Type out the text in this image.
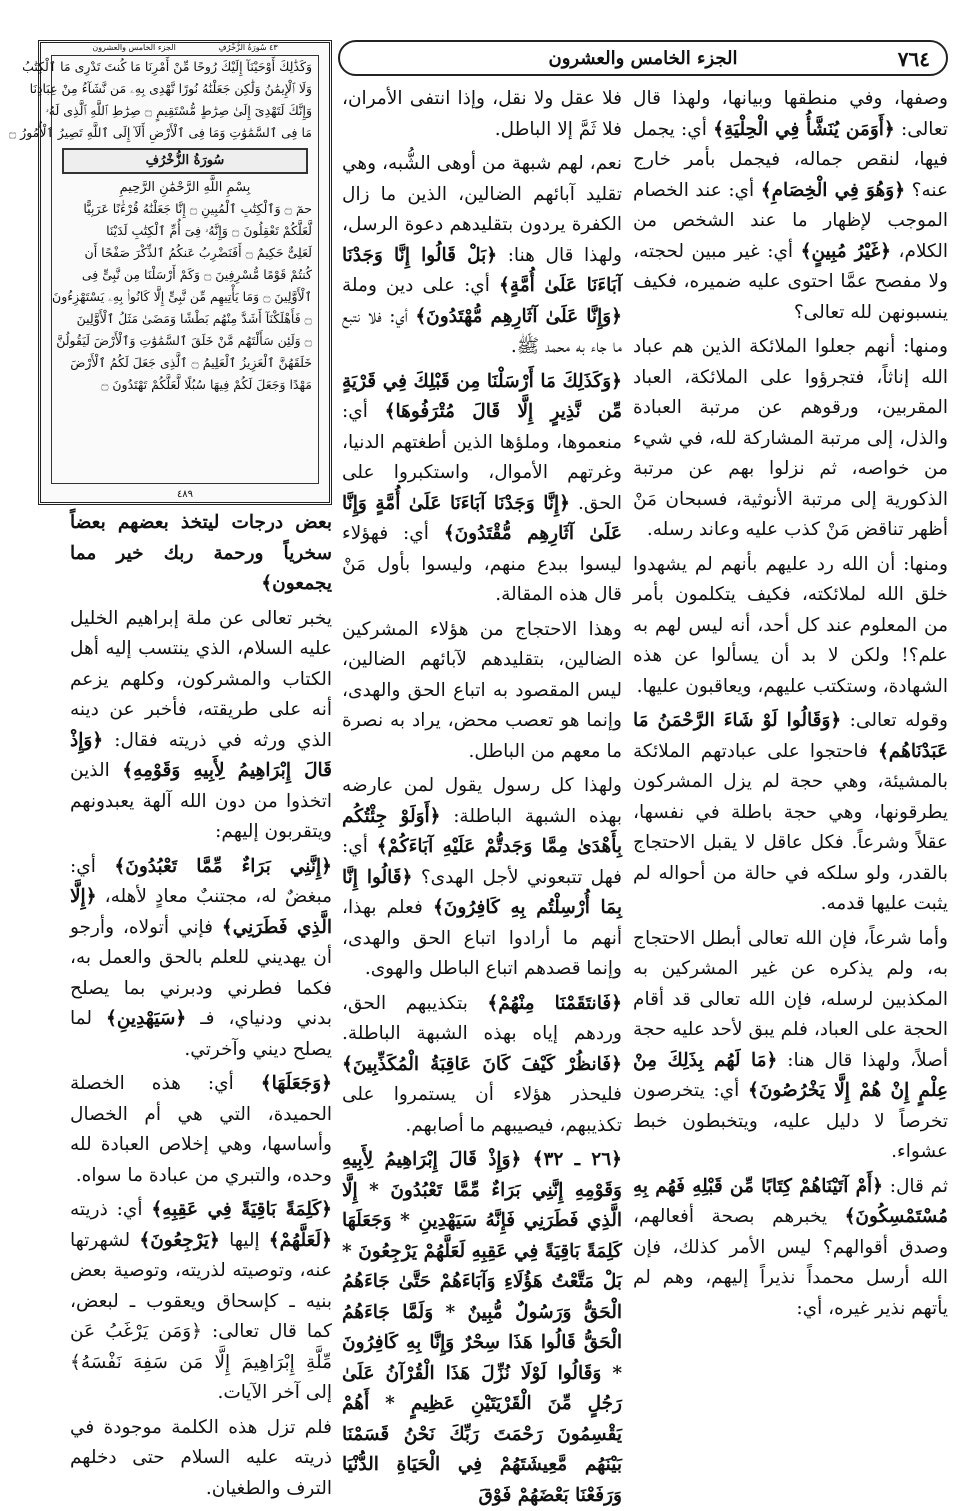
٧٦٤
الجزء الخامس والعشرون
٤٣ سُورَةُ الزُّخْرُفِ الجزء الخامس والعشرون
وَكَذَٰلِكَ أَوْحَيْنَآ إِلَيْكَ رُوحًا مِّنْ أَمْرِنَا مَا كُنتَ تَدْرِى مَا ٱلْكِتَٰبُ
وَلَا ٱلْإِيمَٰنُ وَلَٰكِن جَعَلْنَٰهُ نُورًا نَّهْدِى بِهِۦ مَن نَّشَآءُ مِنْ عِبَادِنَا
وَإِنَّكَ لَتَهْدِىٓ إِلَىٰ صِرَٰطٍ مُّسْتَقِيمٍ ۝ صِرَٰطِ ٱللَّهِ ٱلَّذِى لَهُۥ
مَا فِى ٱلسَّمَٰوَٰتِ وَمَا فِى ٱلْأَرْضِ أَلَآ إِلَى ٱللَّهِ تَصِيرُ ٱلْأُمُورُ ۝
سُورَةُ الزُّخْرُفِ
بِسْمِ اللَّهِ الرَّحْمَٰنِ الرَّحِيمِ
حمٓ ۝ وَٱلْكِتَٰبِ ٱلْمُبِينِ ۝ إِنَّا جَعَلْنَٰهُ قُرْءَٰنًا عَرَبِيًّا
لَّعَلَّكُمْ تَعْقِلُونَ ۝ وَإِنَّهُۥ فِىٓ أُمِّ ٱلْكِتَٰبِ لَدَيْنَا
لَعَلِىٌّ حَكِيمٌ ۝ أَفَنَضْرِبُ عَنكُمُ ٱلذِّكْرَ صَفْحًا أَن
كُنتُمْ قَوْمًا مُّسْرِفِينَ ۝ وَكَمْ أَرْسَلْنَا مِن نَّبِىٍّ فِى
ٱلْأَوَّلِينَ ۝ وَمَا يَأْتِيهِم مِّن نَّبِىٍّ إِلَّا كَانُوا۟ بِهِۦ يَسْتَهْزِءُونَ
۝ فَأَهْلَكْنَآ أَشَدَّ مِنْهُم بَطْشًا وَمَضَىٰ مَثَلُ ٱلْأَوَّلِينَ
۝ وَلَئِن سَأَلْتَهُم مَّنْ خَلَقَ ٱلسَّمَٰوَٰتِ وَٱلْأَرْضَ لَيَقُولُنَّ
خَلَقَهُنَّ ٱلْعَزِيزُ ٱلْعَلِيمُ ۝ ٱلَّذِى جَعَلَ لَكُمُ ٱلْأَرْضَ
مَهْدًا وَجَعَلَ لَكُمْ فِيهَا سُبُلًا لَّعَلَّكُمْ تَهْتَدُونَ ۝
٤٨٩

وصفها، وفي منطقها وبيانها، ولهذا قال تعالى: ﴿أَوَمَن يُنَشَّأُ فِي الْحِلْيَةِ﴾ أي: يجمل فيها، لنقص جماله، فيجمل بأمر خارج عنه؟ ﴿وَهُوَ فِي الْخِصَامِ﴾ أي: عند الخصام الموجب لإظهار ما عند الشخص من الكلام، ﴿غَيْرُ مُبِينٍ﴾ أي: غير مبين لحجته، ولا مفصح عمَّا احتوى عليه ضميره، فكيف ينسبونهن لله تعالى؟

ومنها: أنهم جعلوا الملائكة الذين هم عباد الله إناثاً، فتجرؤوا على الملائكة، العباد المقربين، ورقوهم عن مرتبة العبادة والذل، إلى مرتبة المشاركة لله، في شيء من خواصه، ثم نزلوا بهم عن مرتبة الذكورية إلى مرتبة الأنوثية، فسبحان مَنْ أظهر تناقض مَنْ كذب عليه وعاند رسله.

ومنها: أن الله رد عليهم بأنهم لم يشهدوا خلق الله لملائكته، فكيف يتكلمون بأمر من المعلوم عند كل أحد، أنه ليس لهم به علم؟! ولكن لا بد أن يسألوا عن هذه الشهادة، وستكتب عليهم، ويعاقبون عليها.

وقوله تعالى: ﴿وَقَالُوا لَوْ شَاءَ الرَّحْمَنُ مَا عَبَدْنَاهُم﴾ فاحتجوا على عبادتهم الملائكة بالمشيئة، وهي حجة لم يزل المشركون يطرقونها، وهي حجة باطلة في نفسها، عقلاً وشرعاً. فكل عاقل لا يقبل الاحتجاج بالقدر، ولو سلكه في حالة من أحواله لم يثبت عليها قدمه.

وأما شرعاً، فإن الله تعالى أبطل الاحتجاج به، ولم يذكره عن غير المشركين به المكذبين لرسله، فإن الله تعالى قد أقام الحجة على العباد، فلم يبق لأحد عليه حجة أصلاً، ولهذا قال هنا: ﴿مَا لَهُم بِذَلِكَ مِنْ عِلْمٍ إِنْ هُمْ إِلَّا يَخْرُصُونَ﴾ أي: يتخرصون تخرصاً لا دليل عليه، ويتخبطون خبط عشواء.

ثم قال: ﴿أَمْ آتَيْنَاهُمْ كِتَابًا مِّن قَبْلِهِ فَهُم بِهِ مُسْتَمْسِكُونَ﴾ يخبرهم بصحة أفعالهم، وصدق أقوالهم؟ ليس الأمر كذلك، فإن الله أرسل محمداً نذيراً إليهم، وهم لم يأتهم نذير غيره، أي:

فلا عقل ولا نقل، وإذا انتفى الأمران، فلا ثَمَّ إلا الباطل.

نعم، لهم شبهة من أوهى الشُّبه، وهي تقليد آبائهم الضالين، الذين ما زال الكفرة يردون بتقليدهم دعوة الرسل، ولهذا قال هنا: ﴿بَلْ قَالُوا إِنَّا وَجَدْنَا آبَاءَنَا عَلَىٰ أُمَّةٍ﴾ أي: على دين وملة ﴿وَإِنَّا عَلَىٰ آثَارِهِم مُّهْتَدُونَ﴾ أي: فلا نتبع ما جاء به محمد ﷺ.

﴿وَكَذَلِكَ مَا أَرْسَلْنَا مِن قَبْلِكَ فِي قَرْيَةٍ مِّن نَّذِيرٍ إِلَّا قَالَ مُتْرَفُوهَا﴾ أي: منعموها، وملؤها الذين أطغتهم الدنيا، وغرتهم الأموال، واستكبروا على الحق. ﴿إِنَّا وَجَدْنَا آبَاءَنَا عَلَىٰ أُمَّةٍ وَإِنَّا عَلَىٰ آثَارِهِم مُّقْتَدُونَ﴾ أي: فهؤلاء ليسوا ببدع منهم، وليسوا بأول مَنْ قال هذه المقالة.

وهذا الاحتجاج من هؤلاء المشركين الضالين، بتقليدهم لآبائهم الضالين، ليس المقصود به اتباع الحق والهدى، وإنما هو تعصب محض، يراد به نصرة ما معهم من الباطل.

ولهذا كل رسول يقول لمن عارضه بهذه الشبهة الباطلة: ﴿أَوَلَوْ جِئْتُكُم بِأَهْدَىٰ مِمَّا وَجَدتُّمْ عَلَيْهِ آبَاءَكُمْ﴾ أي: فهل تتبعوني لأجل الهدى؟ ﴿قَالُوا إِنَّا بِمَا أُرْسِلْتُم بِهِ كَافِرُونَ﴾ فعلم بهذا، أنهم ما أرادوا اتباع الحق والهدى، وإنما قصدهم اتباع الباطل والهوى.

﴿فَانتَقَمْنَا مِنْهُمْ﴾ بتكذيبهم الحق، وردهم إياه بهذه الشبهة الباطلة. ﴿فَانظُرْ كَيْفَ كَانَ عَاقِبَةُ الْمُكَذِّبِينَ﴾ فليحذر هؤلاء أن يستمروا على تكذيبهم، فيصيبهم ما أصابهم.

﴿٢٦ ـ ٣٢﴾ ﴿وَإِذْ قَالَ إِبْرَاهِيمُ لِأَبِيهِ وَقَوْمِهِ إِنَّنِي بَرَاءٌ مِّمَّا تَعْبُدُونَ * إِلَّا الَّذِي فَطَرَنِي فَإِنَّهُ سَيَهْدِينِ * وَجَعَلَهَا كَلِمَةً بَاقِيَةً فِي عَقِبِهِ لَعَلَّهُمْ يَرْجِعُونَ * بَلْ مَتَّعْتُ هَؤُلَاءِ وَآبَاءَهُمْ حَتَّىٰ جَاءَهُمُ الْحَقُّ وَرَسُولٌ مُّبِينٌ * وَلَمَّا جَاءَهُمُ الْحَقُّ قَالُوا هَذَا سِحْرٌ وَإِنَّا بِهِ كَافِرُونَ * وَقَالُوا لَوْلَا نُزِّلَ هَذَا الْقُرْآنُ عَلَىٰ رَجُلٍ مِّنَ الْقَرْيَتَيْنِ عَظِيمٍ * أَهُمْ يَقْسِمُونَ رَحْمَتَ رَبِّكَ نَحْنُ قَسَمْنَا بَيْنَهُم مَّعِيشَتَهُمْ فِي الْحَيَاةِ الدُّنْيَا وَرَفَعْنَا بَعْضَهُمْ فَوْقَ

بعض درجات ليتخذ بعضهم بعضاً سخرياً ورحمة ربك خير مما يجمعون﴾

يخبر تعالى عن ملة إبراهيم الخليل عليه السلام، الذي ينتسب إليه أهل الكتاب والمشركون، وكلهم يزعم أنه على طريقته، فأخبر عن دينه الذي ورثه في ذريته فقال: ﴿وَإِذْ قَالَ إِبْرَاهِيمُ لِأَبِيهِ وَقَوْمِهِ﴾ الذين اتخذوا من دون الله آلهة يعبدونهم ويتقربون إليهم:

﴿إِنَّنِي بَرَاءٌ مِّمَّا تَعْبُدُونَ﴾ أي: مبغضٌ له، مجتنبٌ معادٍ لأهله، ﴿إِلَّا الَّذِي فَطَرَنِي﴾ فإني أتولاه، وأرجو أن يهديني للعلم بالحق والعمل به، فكما فطرني ودبرني بما يصلح بدني ودنياي، فـ ﴿سَيَهْدِينِ﴾ لما يصلح ديني وآخرتي.

﴿وَجَعَلَهَا﴾ أي: هذه الخصلة الحميدة، التي هي أم الخصال وأساسها، وهي إخلاص العبادة لله وحده، والتبري من عبادة ما سواه.

﴿كَلِمَةً بَاقِيَةً فِي عَقِبِهِ﴾ أي: ذريته ﴿لَعَلَّهُمْ﴾ إليها ﴿يَرْجِعُونَ﴾ لشهرتها عنه، وتوصيته لذريته، وتوصية بعض بنيه ـ كإسحاق ويعقوب ـ لبعض، كما قال تعالى: ﴿وَمَن يَرْغَبُ عَن مِّلَّةِ إِبْرَاهِيمَ إِلَّا مَن سَفِهَ نَفْسَهُ﴾ إلى آخر الآيات.

فلم تزل هذه الكلمة موجودة في ذريته عليه السلام حتى دخلهم الترف والطغيان.
